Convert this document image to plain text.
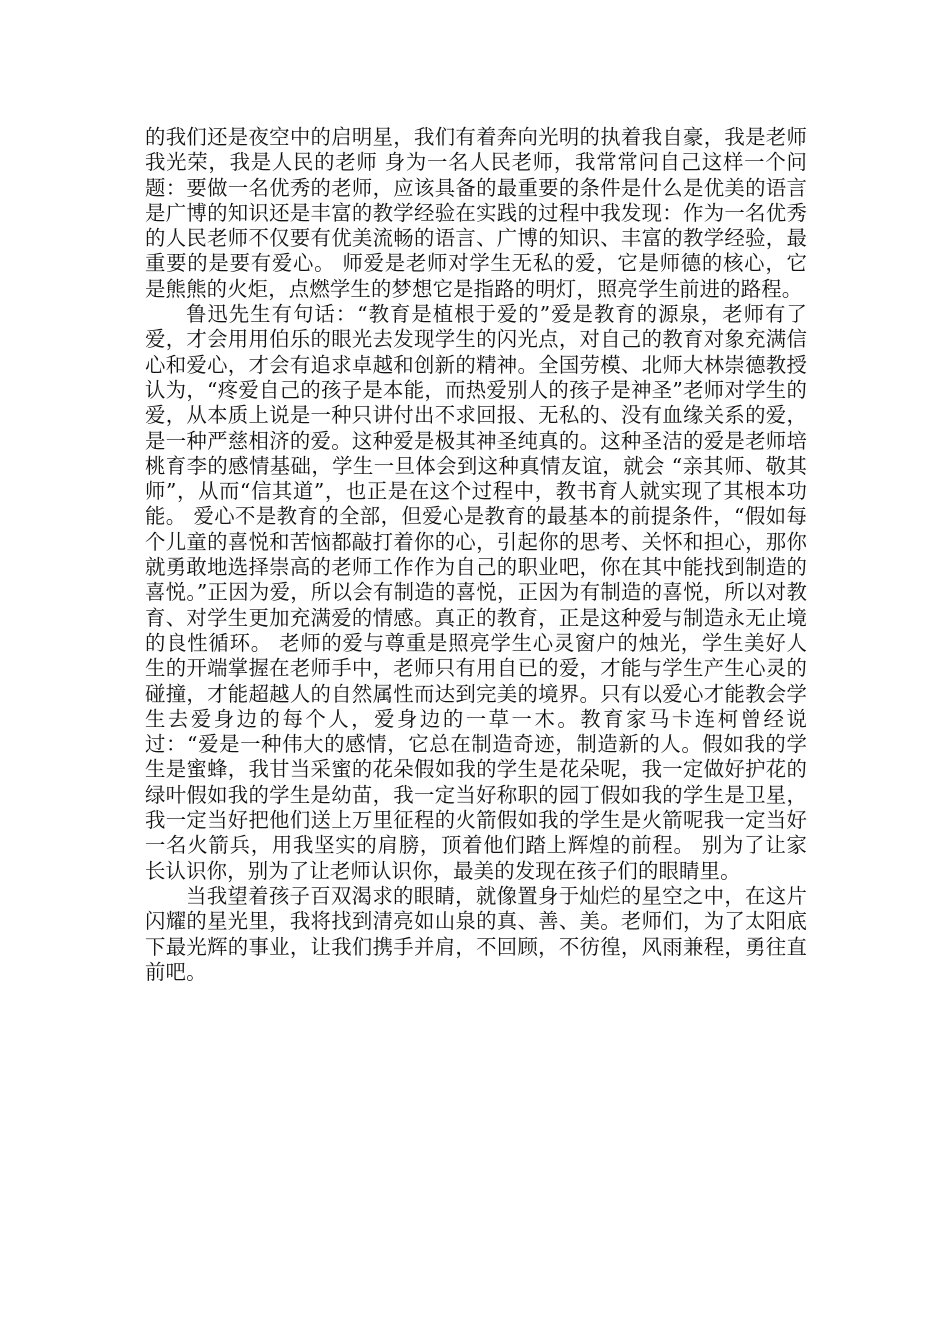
的我们还是夜空中的启明星，我们有着奔向光明的执着我自豪，我是老师我光荣，我是人民的老师 身为一名人民老师，我常常问自己这样一个问题：要做一名优秀的老师，应该具备的最重要的条件是什么是优美的语言是广博的知识还是丰富的教学经验在实践的过程中我发现：作为一名优秀的人民老师不仅要有优美流畅的语言、广博的知识、丰富的教学经验，最重要的是要有爱心。 师爱是老师对学生无私的爱，它是师德的核心，它是熊熊的火炬，点燃学生的梦想它是指路的明灯，照亮学生前进的路程。

鲁迅先生有句话：“教育是植根于爱的”爱是教育的源泉，老师有了爱，才会用用伯乐的眼光去发现学生的闪光点，对自己的教育对象充满信心和爱心，才会有追求卓越和创新的精神。全国劳模、北师大林崇德教授认为，“疼爱自己的孩子是本能，而热爱别人的孩子是神圣”老师对学生的爱，从本质上说是一种只讲付出不求回报、无私的、没有血缘关系的爱，是一种严慈相济的爱。这种爱是极其神圣纯真的。这种圣洁的爱是老师培桃育李的感情基础，学生一旦体会到这种真情友谊，就会 “亲其师、敬其师”，从而“信其道”，也正是在这个过程中，教书育人就实现了其根本功能。 爱心不是教育的全部，但爱心是教育的最基本的前提条件，“假如每个儿童的喜悦和苦恼都敲打着你的心，引起你的思考、关怀和担心，那你就勇敢地选择崇高的老师工作作为自己的职业吧，你在其中能找到制造的喜悦。”正因为爱，所以会有制造的喜悦，正因为有制造的喜悦，所以对教育、对学生更加充满爱的情感。真正的教育，正是这种爱与制造永无止境的良性循环。 老师的爱与尊重是照亮学生心灵窗户的烛光，学生美好人生的开端掌握在老师手中，老师只有用自已的爱，才能与学生产生心灵的碰撞，才能超越人的自然属性而达到完美的境界。只有以爱心才能教会学生去爱身边的每个人，爱身边的一草一木。教育家马卡连柯曾经说过：“爱是一种伟大的感情，它总在制造奇迹，制造新的人。假如我的学生是蜜蜂，我甘当采蜜的花朵假如我的学生是花朵呢，我一定做好护花的绿叶假如我的学生是幼苗，我一定当好称职的园丁假如我的学生是卫星，我一定当好把他们送上万里征程的火箭假如我的学生是火箭呢我一定当好一名火箭兵，用我坚实的肩膀，顶着他们踏上辉煌的前程。 别为了让家长认识你，别为了让老师认识你，最美的发现在孩子们的眼睛里。

当我望着孩子百双渴求的眼睛，就像置身于灿烂的星空之中，在这片闪耀的星光里，我将找到清亮如山泉的真、善、美。老师们，为了太阳底下最光辉的事业，让我们携手并肩，不回顾，不彷徨，风雨兼程，勇往直前吧。
